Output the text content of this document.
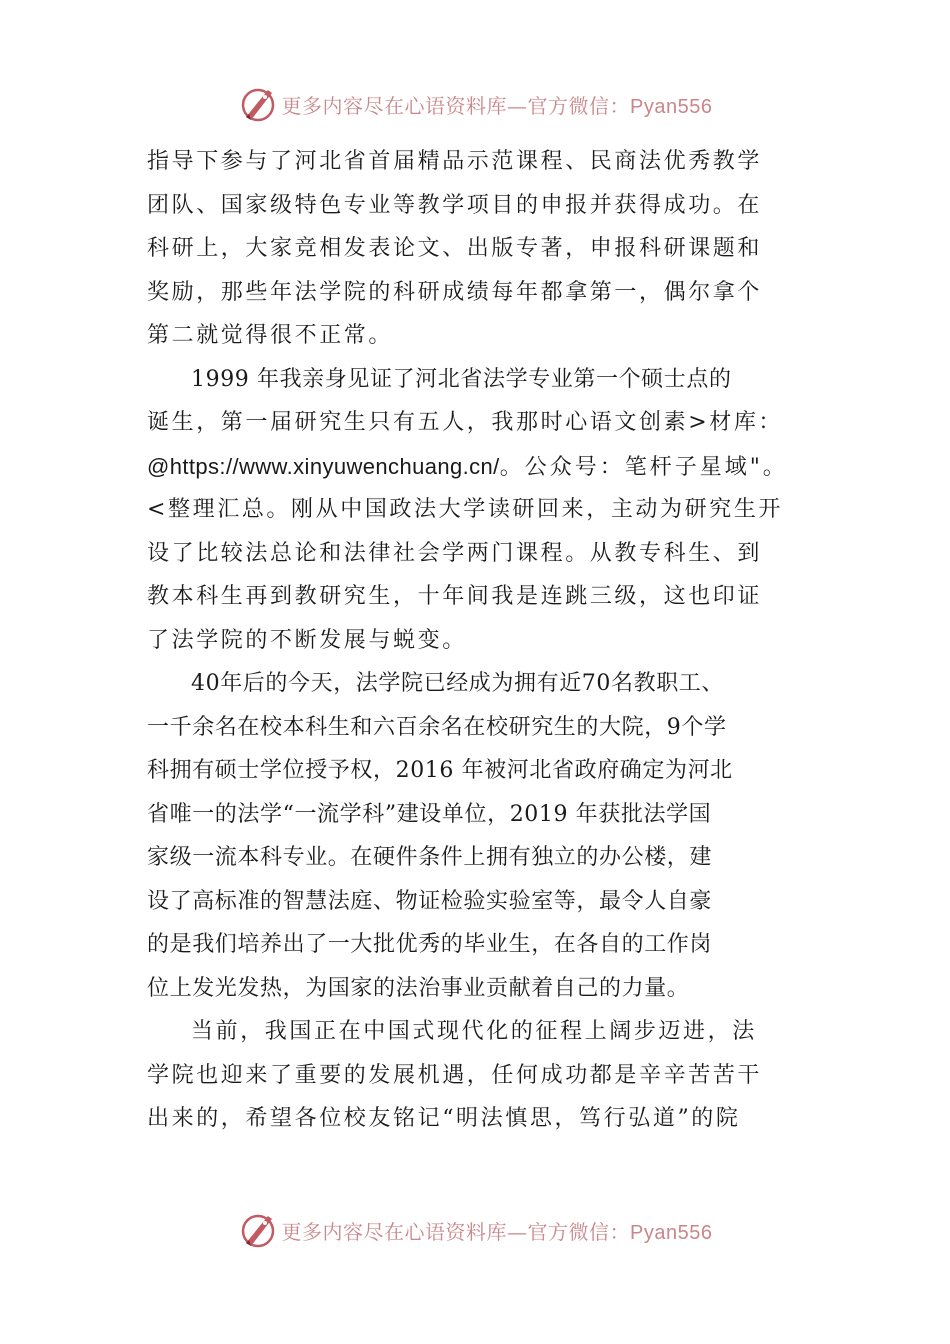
更多内容尽在心语资料库—官方微信：Pyan556
指导下参与了河北省首届精品示范课程、民商法优秀教学
团队、国家级特色专业等教学项目的申报并获得成功。在
科研上，大家竞相发表论文、出版专著，申报科研课题和
奖励，那些年法学院的科研成绩每年都拿第一，偶尔拿个
第二就觉得很不正常。
1999 年我亲身见证了河北省法学专业第一个硕士点的
诞生，第一届研究生只有五人，我那时心语文创素>材库：
@https://www.xinyuwenchuang.cn/。公众号：笔杆子星域"。
<整理汇总。刚从中国政法大学读研回来，主动为研究生开
设了比较法总论和法律社会学两门课程。从教专科生、到
教本科生再到教研究生，十年间我是连跳三级，这也印证
了法学院的不断发展与蜕变。
40年后的今天，法学院已经成为拥有近70名教职工、
一千余名在校本科生和六百余名在校研究生的大院，9个学
科拥有硕士学位授予权，2016 年被河北省政府确定为河北
省唯一的法学“一流学科”建设单位，2019 年获批法学国
家级一流本科专业。在硬件条件上拥有独立的办公楼，建
设了高标准的智慧法庭、物证检验实验室等，最令人自豪
的是我们培养出了一大批优秀的毕业生，在各自的工作岗
位上发光发热，为国家的法治事业贡献着自己的力量。
当前，我国正在中国式现代化的征程上阔步迈进，法
学院也迎来了重要的发展机遇，任何成功都是辛辛苦苦干
出来的，希望各位校友铭记“明法慎思，笃行弘道”的院
更多内容尽在心语资料库—官方微信：Pyan556
